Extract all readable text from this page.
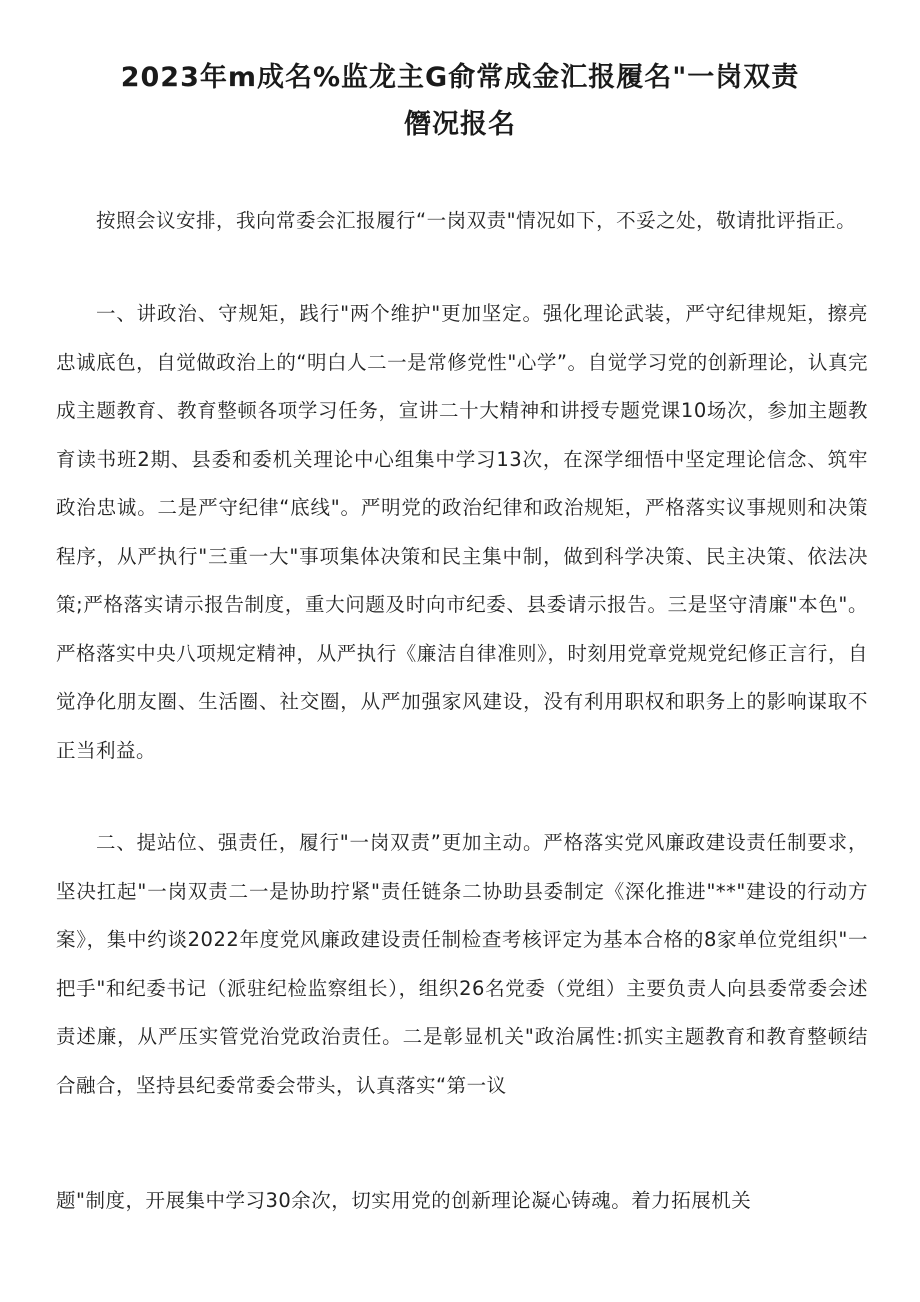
2023年m成名%监龙主G俞常成金汇报履名"一岗双责
僭况报名

按照会议安排，我向常委会汇报履行“一岗双责"情况如下，不妥之处，敬请批评指正。

一、讲政治、守规矩，践行"两个维护"更加坚定。强化理论武装，严守纪律规矩，擦亮忠诚底色，自觉做政治上的“明白人二一是常修党性"心学”。自觉学习党的创新理论，认真完成主题教育、教育整顿各项学习任务，宣讲二十大精神和讲授专题党课10场次，参加主题教育读书班2期、县委和委机关理论中心组集中学习13次，在深学细悟中坚定理论信念、筑牢政治忠诚。二是严守纪律“底线"。严明党的政治纪律和政治规矩，严格落实议事规则和决策程序，从严执行"三重一大"事项集体决策和民主集中制，做到科学决策、民主决策、依法决策;严格落实请示报告制度，重大问题及时向市纪委、县委请示报告。三是坚守清廉"本色"。严格落实中央八项规定精神，从严执行《廉洁自律准则》，时刻用党章党规党纪修正言行，自觉净化朋友圈、生活圈、社交圈，从严加强家风建设，没有利用职权和职务上的影响谋取不正当利益。

二、提站位、强责任，履行"一岗双责”更加主动。严格落实党风廉政建设责任制要求，坚决扛起"一岗双责二一是协助拧紧"责任链条二协助县委制定《深化推进"**"建设的行动方案》，集中约谈2022年度党风廉政建设责任制检查考核评定为基本合格的8家单位党组织"一把手"和纪委书记（派驻纪检监察组长），组织26名党委（党组）主要负责人向县委常委会述责述廉，从严压实管党治党政治责任。二是彰显机关"政治属性:抓实主题教育和教育整顿结合融合，坚持县纪委常委会带头，认真落实“第一议

题"制度，开展集中学习30余次，切实用党的创新理论凝心铸魂。着力拓展机关
